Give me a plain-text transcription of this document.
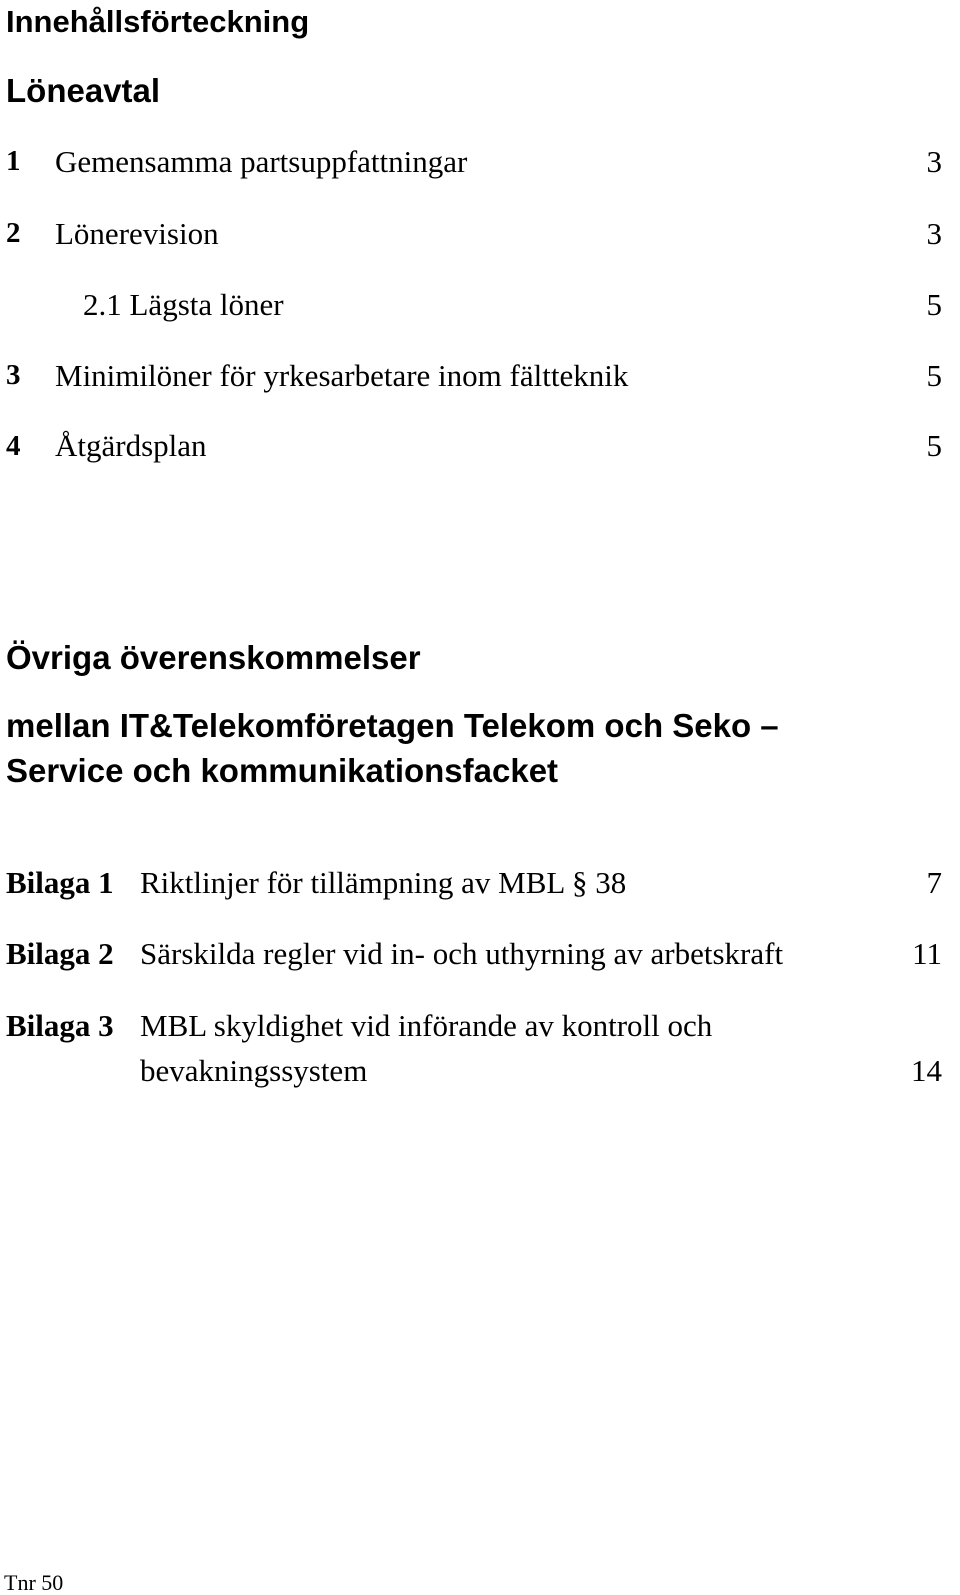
Innehållsförteckning
Löneavtal
1 Gemensamma partsuppfattningar	3
2 Lönerevision	3
2.1 Lägsta löner	5
3 Minimilöner för yrkesarbetare inom fältteknik	5
4 Åtgärdsplan	5
Övriga överenskommelser
mellan IT&Telekomföretagen Telekom och Seko –
Service och kommunikationsfacket
Bilaga 1 Riktlinjer för tillämpning av MBL § 38	7
Bilaga 2 Särskilda regler vid in- och uthyrning av arbetskraft	11
Bilaga 3 MBL skyldighet vid införande av kontroll och
bevakningssystem	14
Tnr 50
